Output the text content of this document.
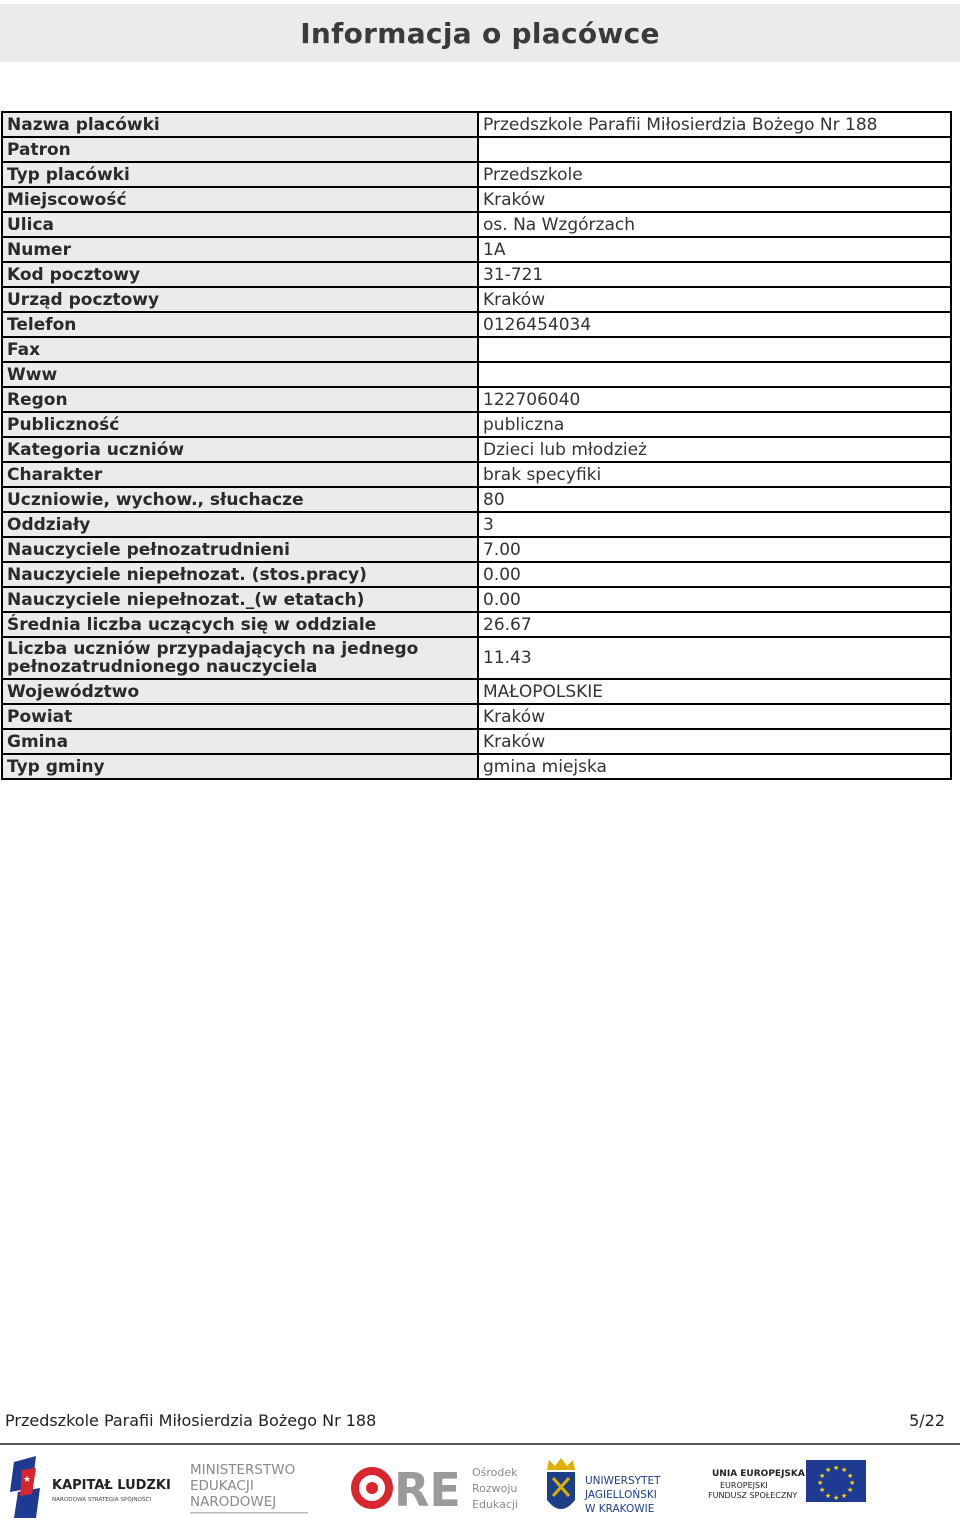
Informacja o placówce
Nazwa placówki	Przedszkole Parafii Miłosierdzia Bożego Nr 188
Patron	
Typ placówki	Przedszkole
Miejscowość	Kraków
Ulica	os. Na Wzgórzach
Numer	1A
Kod pocztowy	31-721
Urząd pocztowy	Kraków
Telefon	0126454034
Fax	
Www	
Regon	122706040
Publiczność	publiczna
Kategoria uczniów	Dzieci lub młodzież
Charakter	brak specyfiki
Uczniowie, wychow., słuchacze	80
Oddziały	3
Nauczyciele pełnozatrudnieni	7.00
Nauczyciele niepełnozat. (stos.pracy)	0.00
Nauczyciele niepełnozat._(w etatach)	0.00
Średnia liczba uczących się w oddziale	26.67
Liczba uczniów przypadających na jednego pełnozatrudnionego nauczyciela	11.43
Województwo	MAŁOPOLSKIE
Powiat	Kraków
Gmina	Kraków
Typ gminy	gmina miejska
Przedszkole Parafii Miłosierdzia Bożego Nr 188	5/22
★ KAPITAŁ LUDZKI
NARODOWA STRATEGIA SPÓJNOŚCI
MINISTERSTWO
EDUKACJI
NARODOWEJ	RE Ośrodek
Rozwoju
Edukacji
UNIWERSYTET
JAGIELLOŃSKI
W KRAKOWIE
UNIA EUROPEJSKA
EUROPEJSKI
FUNDUSZ SPOŁECZNY
★ ★
★
★
★
★
★
★
★
★
★
★
